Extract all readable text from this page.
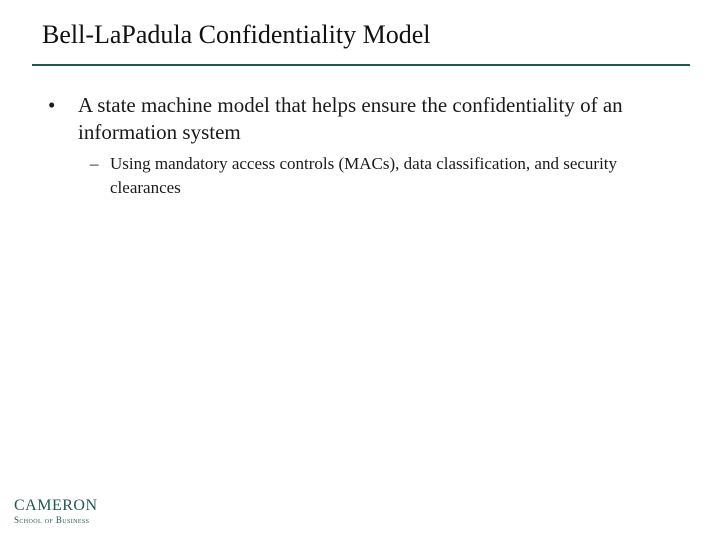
Bell-LaPadula Confidentiality Model
•	A state machine model that helps ensure the confidentiality of an information system
– Using mandatory access controls (MACs), data classification, and security clearances
CAMERON
School of Business
